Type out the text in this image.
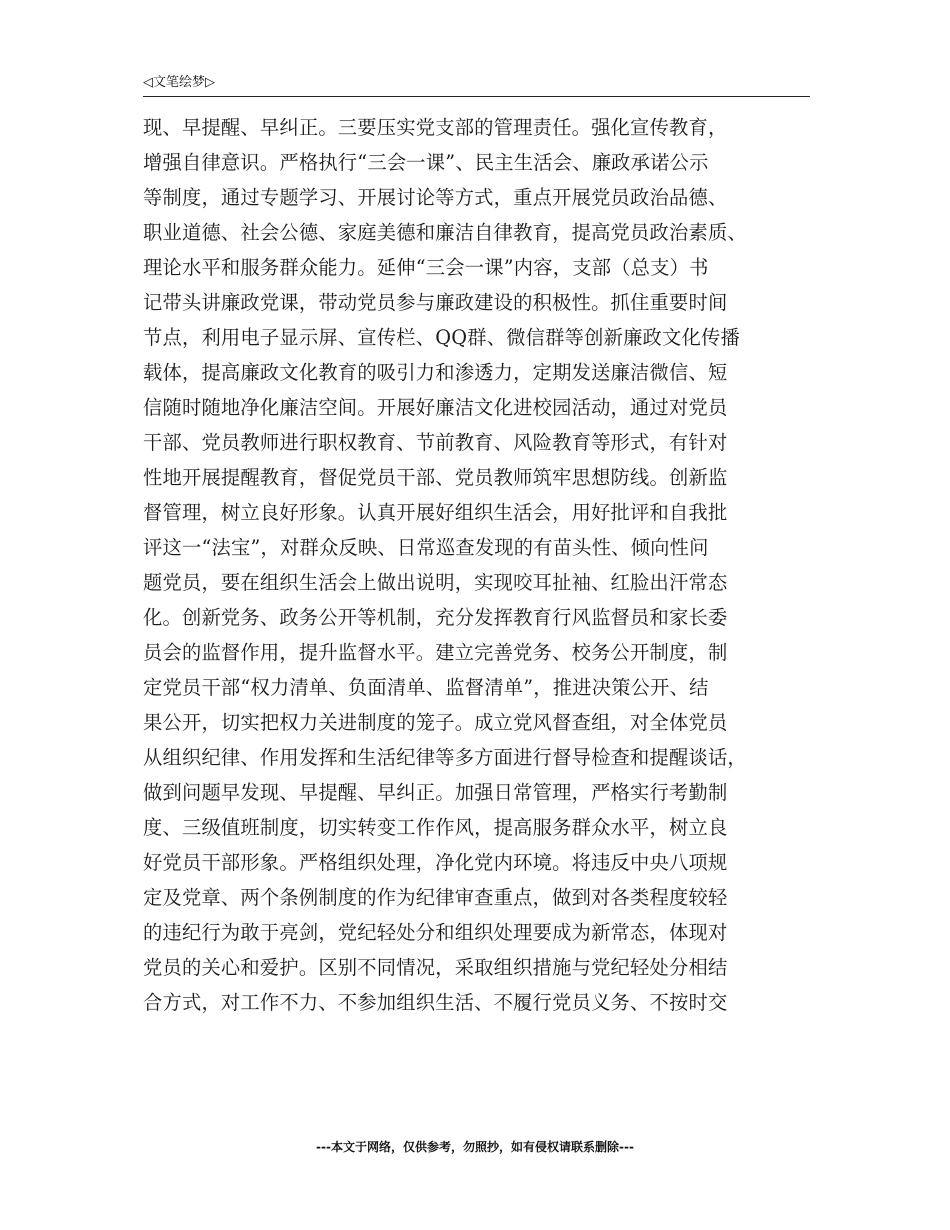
◁文笔绘梦▷
现、早提醒、早纠正。三要压实党支部的管理责任。强化宣传教育，
增强自律意识。严格执行“三会一课”、民主生活会、廉政承诺公示
等制度，通过专题学习、开展讨论等方式，重点开展党员政治品德、
职业道德、社会公德、家庭美德和廉洁自律教育，提高党员政治素质、
理论水平和服务群众能力。延伸“三会一课”内容，支部（总支）书
记带头讲廉政党课，带动党员参与廉政建设的积极性。抓住重要时间
节点，利用电子显示屏、宣传栏、QQ群、微信群等创新廉政文化传播
载体，提高廉政文化教育的吸引力和渗透力，定期发送廉洁微信、短
信随时随地净化廉洁空间。开展好廉洁文化进校园活动，通过对党员
干部、党员教师进行职权教育、节前教育、风险教育等形式，有针对
性地开展提醒教育，督促党员干部、党员教师筑牢思想防线。创新监
督管理，树立良好形象。认真开展好组织生活会，用好批评和自我批
评这一“法宝”，对群众反映、日常巡查发现的有苗头性、倾向性问
题党员，要在组织生活会上做出说明，实现咬耳扯袖、红脸出汗常态
化。创新党务、政务公开等机制，充分发挥教育行风监督员和家长委
员会的监督作用，提升监督水平。建立完善党务、校务公开制度，制
定党员干部“权力清单、负面清单、监督清单”，推进决策公开、结
果公开，切实把权力关进制度的笼子。成立党风督查组，对全体党员
从组织纪律、作用发挥和生活纪律等多方面进行督导检查和提醒谈话，
做到问题早发现、早提醒、早纠正。加强日常管理，严格实行考勤制
度、三级值班制度，切实转变工作作风，提高服务群众水平，树立良
好党员干部形象。严格组织处理，净化党内环境。将违反中央八项规
定及党章、两个条例制度的作为纪律审查重点，做到对各类程度较轻
的违纪行为敢于亮剑，党纪轻处分和组织处理要成为新常态，体现对
党员的关心和爱护。区别不同情况，采取组织措施与党纪轻处分相结
合方式，对工作不力、不参加组织生活、不履行党员义务、不按时交
---本文于网络，仅供参考，勿照抄，如有侵权请联系删除---
